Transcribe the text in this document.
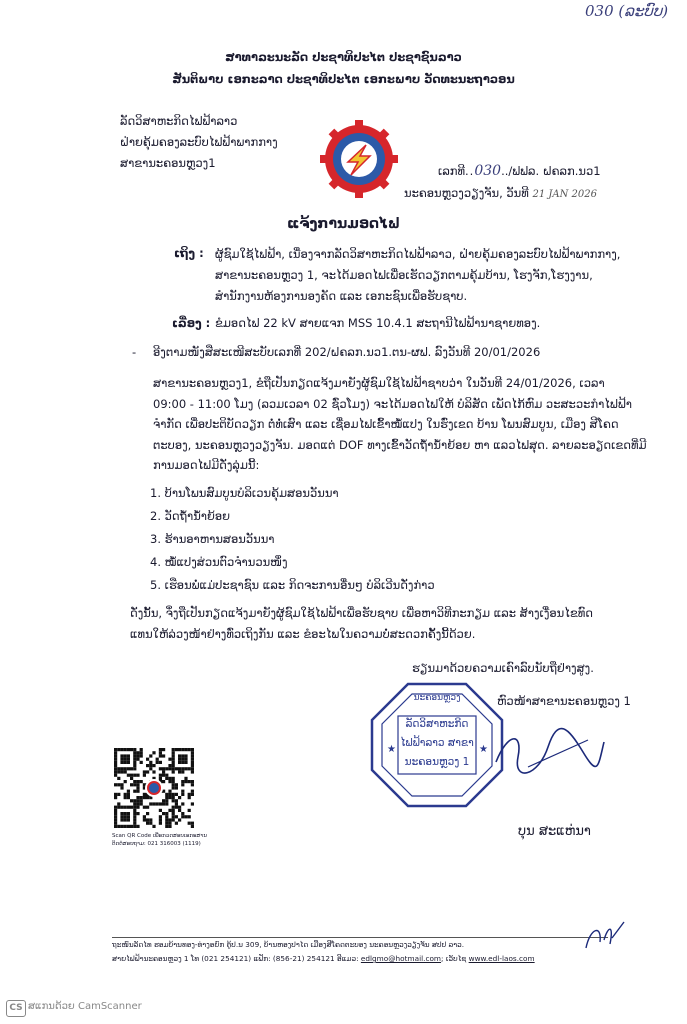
030 (ລະບົບ)
ສາທາລະນະລັດ ປະຊາທິປະໄຕ ປະຊາຊົນລາວ
ສັນຕິພາບ ເອກະລາດ ປະຊາທິປະໄຕ ເອກະພາບ ວັດທະນະຖາວອນ
ລັດວິສາຫະກິດໄຟຟ້າລາວ
ຝ່າຍຄຸ້ມຄອງລະບົບໄຟຟ້າພາກກາງ
ສາຂານະຄອນຫຼວງ1
ເລກທີ..030../ຟຟລ. ຝຄລກ.ນວ1
ນະຄອນຫຼວງວຽງຈັນ, ວັນທີ 21 JAN 2026
ແຈ້ງການມອດໄຟ
ເຖິງ : ຜູ້ຊົມໃຊ້ໄຟຟ້າ, ເນື່ອງຈາກລັດວິສາຫະກິດໄຟຟ້າລາວ, ຝ່າຍຄຸ້ມຄອງລະບົບໄຟຟ້າພາກກາງ,
ສາຂານະຄອນຫຼວງ 1, ຈະໄດ້ມອດໄຟເພື່ອເຮັດວຽກຕາມຄຸ້ມບ້ານ, ໂຮງຈັກ,ໂຮງງານ,
ສຳນັກງານຫ້ອງການອງຄັດ ແລະ ເອກະຊົນເພື່ອຮັບຊາບ.
ເລື່ອງ : ຂໍມອດໄຟ 22 kV ສາຍແຈກ MSS 10.4.1 ສະຖານີໄຟຟ້ານາຊາຍທອງ.
- ອີງຕາມໜັງສືສະເໜີສະບັບເລກທີ່ 202/ຝຄລກ.ນວ1.ຕນ-ຜຟ. ລົງວັນທີ 20/01/2026
ສາຂານະຄອນຫຼວງ1, ຂໍຖືເປັນກຽດແຈ້ງມາຍັງຜູ້ຊົມໃຊ້ໄຟຟ້າຊາບວ່າ ໃນວັນທີ 24/01/2026, ເວລາ
09:00 - 11:00 ໂມງ (ລວມເວລາ 02 ຊົ່ວໂມງ) ຈະໄດ້ມອດໄຟໃຫ້ ບໍລິສັດ ເພັດໄກ້ຫົມ ວະສະວະກຳໄຟຟ້າ
ຈຳກັດ ເພື່ອປະຕິບັດວຽກ ຕໍ່ທໍ່ເສົາ ແລະ ເຊື່ອມໄຟເຂົ້າໝໍ້ແປງ ໃນຮົ່ງເຂດ ບ້ານ ໂພນສົມບູນ, ເມືອງ ສີໂຄດ
ຕະບອງ, ນະຄອນຫຼວງວຽງຈັນ. ມອດແຕ່ DOF ທາງເຂົ້າວັດຖໍ້ານໍ້າຍ້ອຍ ຫາ ແລວໄຟສຸດ. ລາຍລະອຽດເຂດທີ່ມີ
ການມອດໄຟມີດັ່ງລຸ່ມນີ້:
1. ບ້ານໂພນສົມບູນບໍລິເວນຄຸ້ມສອນວັນນາ
2. ວັດຖໍ້ານໍ້າຍ້ອຍ
3. ຮ້ານອາຫານສອນວັນນາ
4. ໝໍ້ແປງສ່ວນຕົວຈຳນວນໜຶ່ງ
5. ເຮືອນພໍ່ແມ່ປະຊາຊົນ ແລະ ກິດຈະການອື່ນໆ ບໍລິເວີນດັ່ງກ່າວ
ດັ່ງນັ້ນ, ຈຶ່ງຖືເປັນກຽດແຈ້ງມາຍັງຜູ້ຊົມໃຊ້ໄຟຟ້າເພື່ອຮັບຊາບ ເພື່ອຫາວິທີກະກຽມ ແລະ ສ້າງເງື່ອນໄຂທົດ
ແທນໃຫ້ລ່ວງໜ້າຢ່າງທົ່ວເຖິງກັນ ແລະ ຂໍອະໄພໃນຄວາມບໍ່ສະດວກຄັ້ງນີ້ດ້ວຍ.
ຮຽນມາດ້ວຍຄວາມເຄົາລົບນັບຖືຢ່າງສູງ.
★	★
ນະຄອນຫຼວງ
ລັດວິສາຫະກິດ
ໄຟຟ້າລາວ ສາຂາ
ນະຄອນຫຼວງ 1
ຫົວໜ້າສາຂານະຄອນຫຼວງ 1
ບຸນ ສະແຫ່ນາ
Scan QR Code ເພື່ອກວດສອບເອກະສານ
ຕິດຕໍ່ສອບຖາມ: 021 316003 (1119)
ຖະໜົນລັດໄທ ຮອມບ້ານທອງ-ທ່າງອຍົກ ຕູ້ປ.ນ 309, ບ້ານຫອງປາໄດ ເມືອງສີໂຄດຕະບອງ ນະຄອນຫຼວງວຽງຈັນ ສປປ ລາວ.
ສາຍໄຟຟ້ານະຄອນຫຼວງ 1 ໂທ (021 254121) ແຟັກ: (856-21) 254121 ອີແມວ: edlgmo@hotmail.com; ເວັບໄຊ www.edl-laos.com
CS ສແກນດ້ວຍ CamScanner
